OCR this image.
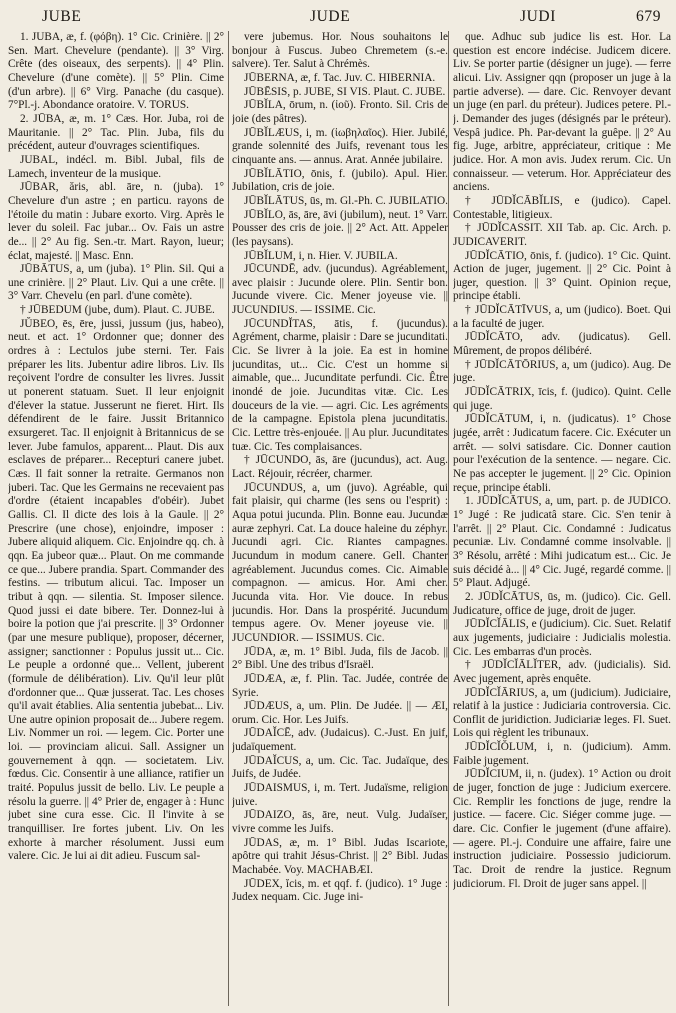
JUBE	JUDE	JUDI	679

1. JUBA, æ, f. (φόβη). 1° Cic. Crinière. || 2° Sen. Mart. Chevelure (pendante). || 3° Virg. Crête (des oiseaux, des serpents). || 4° Plin. Chevelure (d'une comète). || 5° Plin. Cime (d'un arbre). || 6° Virg. Panache (du casque). 7°Pl.-j. Abondance oratoire. V. TORUS.

2. JŪBA, æ, m. 1° Cæs. Hor. Juba, roi de Mauritanie. || 2° Tac. Plin. Juba, fils du précédent, auteur d'ouvrages scientifiques.

JUBAL, indécl. m. Bibl. Jubal, fils de Lamech, inventeur de la musique.

JŪBAR, ăris, abl. āre, n. (juba). 1° Chevelure d'un astre ; en particu. rayons de l'étoile du matin : Jubare exorto. Virg. Après le lever du soleil. Fac jubar... Ov. Fais un astre de... || 2° Au fig. Sen.-tr. Mart. Rayon, lueur; éclat, majesté. || Masc. Enn.

JŪBĀTUS, a, um (juba). 1° Plin. Sil. Qui a une crinière. || 2° Plaut. Liv. Qui a une crête. || 3° Varr. Chevelu (en parl. d'une comète).

† JŪBEDUM (jube, dum). Plaut. C. JUBE.

JŬBEO, ēs, ēre, jussi, jussum (jus, habeo), neut. et act. 1° Ordonner que; donner des ordres à : Lectulos jube sterni. Ter. Fais préparer les lits. Jubentur adire libros. Liv. Ils reçoivent l'ordre de consulter les livres. Jussit ut ponerent statuam. Suet. Il leur enjoignit d'élever la statue. Jusserunt ne fieret. Hirt. Ils défendirent de le faire. Jussit Britannico exsurgeret. Tac. Il enjoignit à Britannicus de se lever. Jube famulos, apparent... Plaut. Dis aux esclaves de préparer... Recepturi canere jubet. Cæs. Il fait sonner la retraite. Germanos non juberi. Tac. Que les Germains ne recevaient pas d'ordre (étaient incapables d'obéir). Jubet Gallis. Cl. Il dicte des lois à la Gaule. || 2° Prescrire (une chose), enjoindre, imposer : Jubere aliquid aliquem. Cic. Enjoindre qq. ch. à qqn. Ea jubeor quæ... Plaut. On me commande ce que... Jubere prandia. Spart. Commander des festins. — tributum alicui. Tac. Imposer un tribut à qqn. — silentia. St. Imposer silence. Quod jussi ei date bibere. Ter. Donnez-lui à boire la potion que j'ai prescrite. || 3° Ordonner (par une mesure publique), proposer, décerner, assigner; sanctionner : Populus jussit ut... Cic. Le peuple a ordonné que... Vellent, juberent (formule de délibération). Liv. Qu'il leur plût d'ordonner que... Quæ jusserat. Tac. Les choses qu'il avait établies. Alia sententia jubebat... Liv. Une autre opinion proposait de... Jubere regem. Liv. Nommer un roi. — legem. Cic. Porter une loi. — provinciam alicui. Sall. Assigner un gouvernement à qqn. — societatem. Liv. fœdus. Cic. Consentir à une alliance, ratifier un traité. Populus jussit de bello. Liv. Le peuple a résolu la guerre. || 4° Prier de, engager à : Hunc jubet sine cura esse. Cic. Il l'invite à se tranquilliser. Ire fortes jubent. Liv. On les exhorte à marcher résolument. Jussi eum valere. Cic. Je lui ai dit adieu. Fuscum sal-

vere jubemus. Hor. Nous souhaitons le bonjour à Fuscus. Jubeo Chremetem (s.-e. salvere). Ter. Salut à Chrémès.

JŪBERNA, æ, f. Tac. Juv. C. HIBERNIA.

JŪBĒSIS, p. JUBE, SI VIS. Plaut. C. JUBE.

JŪBĬLA, ōrum, n. (ἰοῦ). Fronto. Sil. Cris de joie (des pâtres).

JŪBĬLÆUS, i, m. (ἰωβηλαῖος). Hier. Jubilé, grande solennité des Juifs, revenant tous les cinquante ans. — annus. Arat. Année jubilaire.

JŪBĬLĀTIO, ōnis, f. (jubilo). Apul. Hier. Jubilation, cris de joie.

JŪBĬLĀTUS, ūs, m. Gl.-Ph. C. JUBILATIO.

JŪBĬLO, ās, āre, āvi (jubilum), neut. 1° Varr. Pousser des cris de joie. || 2° Act. Att. Appeler (les paysans).

JŪBĬLUM, i, n. Hier. V. JUBILA.

JŪCUNDĒ, adv. (jucundus). Agréablement, avec plaisir : Jucunde olere. Plin. Sentir bon. Jucunde vivere. Cic. Mener joyeuse vie. || JUCUNDIUS. — ISSIME. Cic.

JŪCUNDĬTAS, ātis, f. (jucundus). Agrément, charme, plaisir : Dare se jucunditati. Cic. Se livrer à la joie. Ea est in homine jucunditas, ut... Cic. C'est un homme si aimable, que... Jucunditate perfundi. Cic. Être inondé de joie. Jucunditas vitæ. Cic. Les douceurs de la vie. — agri. Cic. Les agréments de la campagne. Epistola plena jucunditatis. Cic. Lettre très-enjouée. || Au plur. Jucunditates tuæ. Cic. Tes complaisances.

† JŪCUNDO, ās, āre (jucundus), act. Aug. Lact. Réjouir, récréer, charmer.

JŪCUNDUS, a, um (juvo). Agréable, qui fait plaisir, qui charme (les sens ou l'esprit) : Aqua potui jucunda. Plin. Bonne eau. Jucundæ auræ zephyri. Cat. La douce haleine du zéphyr. Jucundi agri. Cic. Riantes campagnes. Jucundum in modum canere. Gell. Chanter agréablement. Jucundus comes. Cic. Aimable compagnon. — amicus. Hor. Ami cher. Jucunda vita. Hor. Vie douce. In rebus jucundis. Hor. Dans la prospérité. Jucundum tempus agere. Ov. Mener joyeuse vie. || JUCUNDIOR. — ISSIMUS. Cic.

JŪDA, æ, m. 1° Bibl. Juda, fils de Jacob. || 2° Bibl. Une des tribus d'Israël.

JŪDÆA, æ, f. Plin. Tac. Judée, contrée de Syrie.

JŪDÆUS, a, um. Plin. De Judée. || — ÆI, orum. Cic. Hor. Les Juifs.

JŪDAĬCĒ, adv. (Judaicus). C.-Just. En juif, judaïquement.

JŪDAĬCUS, a, um. Cic. Tac. Judaïque, des Juifs, de Judée.

JŪDAISMUS, i, m. Tert. Judaïsme, religion juive.

JŪDAIZO, ās, āre, neut. Vulg. Judaïser, vivre comme les Juifs.

JŪDAS, æ, m. 1° Bibl. Judas Iscariote, apôtre qui trahit Jésus-Christ. || 2° Bibl. Judas Machabée. Voy. MACHABÆI.

JŪDEX, ĭcis, m. et qqf. f. (judico). 1° Juge : Judex nequam. Cic. Juge ini-

que. Adhuc sub judice lis est. Hor. La question est encore indécise. Judicem dicere. Liv. Se porter partie (désigner un juge). — ferre alicui. Liv. Assigner qqn (proposer un juge à la partie adverse). — dare. Cic. Renvoyer devant un juge (en parl. du préteur). Judices petere. Pl.-j. Demander des juges (désignés par le préteur). Vespâ judice. Ph. Par-devant la guêpe. || 2° Au fig. Juge, arbitre, appréciateur, critique : Me judice. Hor. A mon avis. Judex rerum. Cic. Un connaisseur. — veterum. Hor. Appréciateur des anciens.

† JŪDĬCĀBĬLIS, e (judico). Capel. Contestable, litigieux.

† JŪDĬCASSIT. XII Tab. ap. Cic. Arch. p. JUDICAVERIT.

JŪDĬCĀTIO, ōnis, f. (judico). 1° Cic. Quint. Action de juger, jugement. || 2° Cic. Point à juger, question. || 3° Quint. Opinion reçue, principe établi.

† JŪDĬCĀTĪVUS, a, um (judico). Boet. Qui a la faculté de juger.

JŪDĬCĀTO, adv. (judicatus). Gell. Mûrement, de propos délibéré.

† JŪDĬCĀTŌRIUS, a, um (judico). Aug. De juge.

JŪDĬCĀTRIX, īcis, f. (judico). Quint. Celle qui juge.

JŪDĬCĀTUM, i, n. (judicatus). 1° Chose jugée, arrêt : Judicatum facere. Cic. Exécuter un arrêt. — solvi satisdare. Cic. Donner caution pour l'exécution de la sentence. — negare. Cic. Ne pas accepter le jugement. || 2° Cic. Opinion reçue, principe établi.

1. JŪDĬCĀTUS, a, um, part. p. de JUDICO. 1° Jugé : Re judicatâ stare. Cic. S'en tenir à l'arrêt. || 2° Plaut. Cic. Condamné : Judicatus pecuniæ. Liv. Condamné comme insolvable. || 3° Résolu, arrêté : Mihi judicatum est... Cic. Je suis décidé à... || 4° Cic. Jugé, regardé comme. || 5° Plaut. Adjugé.

2. JŪDĬCĀTUS, ūs, m. (judico). Cic. Gell. Judicature, office de juge, droit de juger.

JŪDĬCĬĀLIS, e (judicium). Cic. Suet. Relatif aux jugements, judiciaire : Judicialis molestia. Cic. Les embarras d'un procès.

† JŪDĬCĬĀLĬTER, adv. (judicialis). Sid. Avec jugement, après enquête.

JŪDĬCĬĀRIUS, a, um (judicium). Judiciaire, relatif à la justice : Judiciaria controversia. Cic. Conflit de juridiction. Judiciariæ leges. Fl. Suet. Lois qui règlent les tribunaux.

JŪDĬCĬŎLUM, i, n. (judicium). Amm. Faible jugement.

JŪDĬCIUM, ii, n. (judex). 1° Action ou droit de juger, fonction de juge : Judicium exercere. Cic. Remplir les fonctions de juge, rendre la justice. — facere. Cic. Siéger comme juge. — dare. Cic. Confier le jugement (d'une affaire). — agere. Pl.-j. Conduire une affaire, faire une instruction judiciaire. Possessio judiciorum. Tac. Droit de rendre la justice. Regnum judiciorum. Fl. Droit de juger sans appel. ||
